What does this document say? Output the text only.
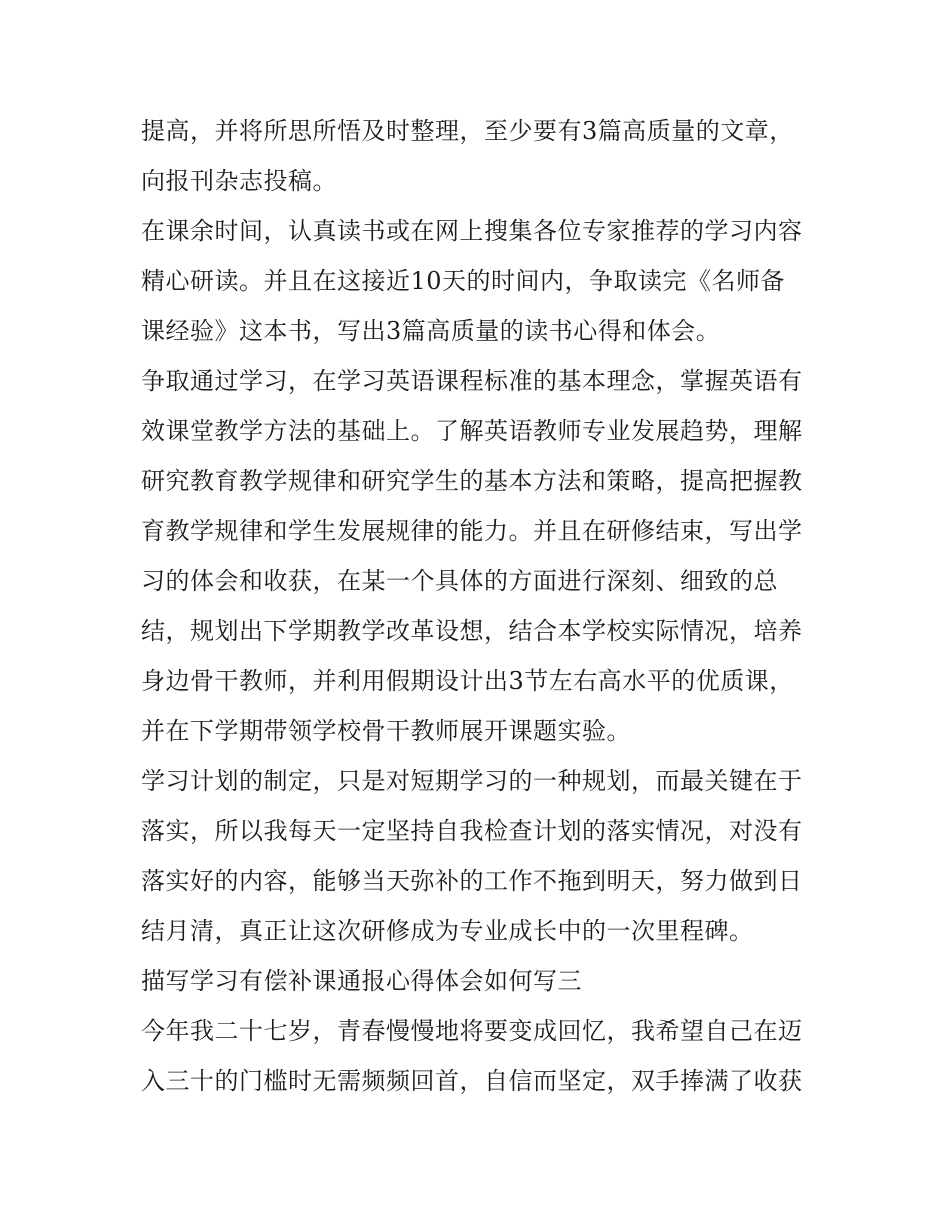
提高，并将所思所悟及时整理，至少要有3篇高质量的文章，
向报刊杂志投稿。
在课余时间，认真读书或在网上搜集各位专家推荐的学习内容
精心研读。并且在这接近10天的时间内，争取读完《名师备
课经验》这本书，写出3篇高质量的读书心得和体会。
争取通过学习，在学习英语课程标准的基本理念，掌握英语有
效课堂教学方法的基础上。了解英语教师专业发展趋势，理解
研究教育教学规律和研究学生的基本方法和策略，提高把握教
育教学规律和学生发展规律的能力。并且在研修结束，写出学
习的体会和收获，在某一个具体的方面进行深刻、细致的总
结，规划出下学期教学改革设想，结合本学校实际情况，培养
身边骨干教师，并利用假期设计出3节左右高水平的优质课，
并在下学期带领学校骨干教师展开课题实验。
学习计划的制定，只是对短期学习的一种规划，而最关键在于
落实，所以我每天一定坚持自我检查计划的落实情况，对没有
落实好的内容，能够当天弥补的工作不拖到明天，努力做到日
结月清，真正让这次研修成为专业成长中的一次里程碑。
描写学习有偿补课通报心得体会如何写三
今年我二十七岁，青春慢慢地将要变成回忆，我希望自己在迈
入三十的门槛时无需频频回首，自信而坚定，双手捧满了收获
